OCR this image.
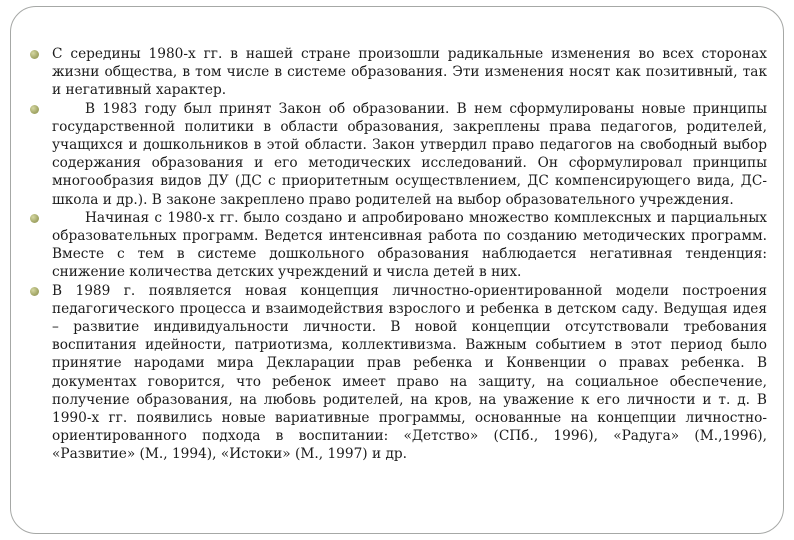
С середины 1980-х гг. в нашей стране произошли радикальные изменения во всех сторонах жизни общества, в том числе в системе образования. Эти изменения носят как позитивный, так и негативный характер.

В 1983 году был принят Закон об образовании. В нем сформулированы новые принципы государственной политики в области образования, закреплены права педагогов, родителей, учащихся и дошкольников в этой области. Закон утвердил право педагогов на свободный выбор содержания образования и его методических исследований. Он сформулировал принципы многообразия видов ДУ (ДС с приоритетным осуществлением, ДС компенсирующего вида, ДС-школа и др.). В законе закреплено право родителей на выбор образовательного учреждения.

Начиная с 1980-х гг. было создано и апробировано множество комплексных и парциальных образовательных программ. Ведется интенсивная работа по созданию методических программ. Вместе с тем в системе дошкольного образования наблюдается негативная тенденция: снижение количества детских учреждений и числа детей в них.

В 1989 г. появляется новая концепция личностно-ориентированной модели построения педагогического процесса и взаимодействия взрослого и ребенка в детском саду. Ведущая идея – развитие индивидуальности личности. В новой концепции отсутствовали требования воспитания идейности, патриотизма, коллективизма. Важным событием в этот период было принятие народами мира Декларации прав ребенка и Конвенции о правах ребенка. В документах говорится, что ребенок имеет право на защиту, на социальное обеспечение, получение образования, на любовь родителей, на кров, на уважение к его личности и т. д. В 1990-х гг. появились новые вариативные программы, основанные на концепции личностно-ориентированного подхода в воспитании: «Детство» (СПб., 1996), «Радуга» (М.,1996), «Развитие» (М., 1994), «Истоки» (М., 1997) и др.
